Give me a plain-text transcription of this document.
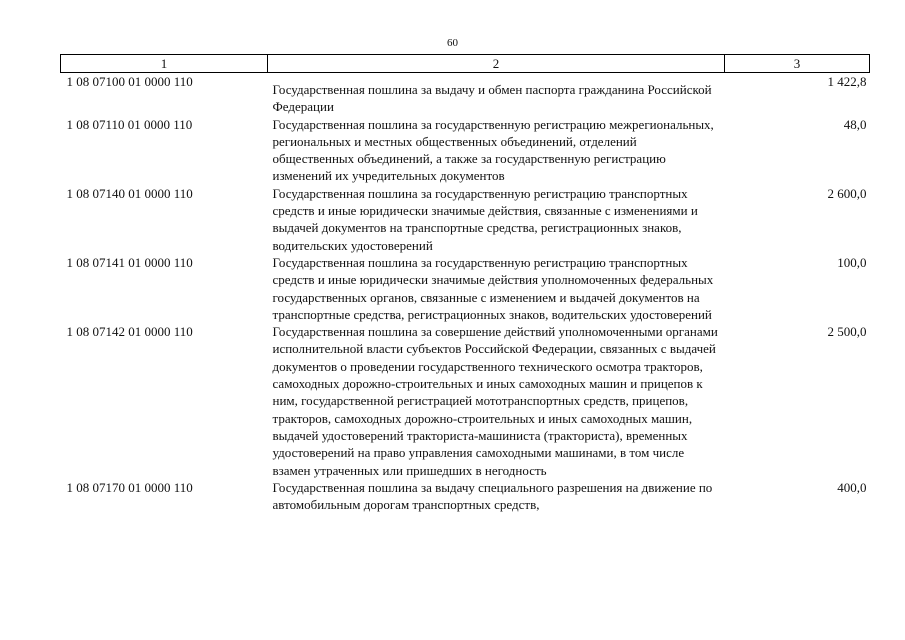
60
1	2	3
1 08 07100 01 0000 110	Государственная пошлина за выдачу и обмен паспорта гражданина Российской Федерации	1 422,8
1 08 07110 01 0000 110	Государственная пошлина за государственную регистрацию межрегиональных, региональных и местных общественных объединений, отделений общественных объединений, а также за государственную регистрацию изменений их учредительных документов	48,0
1 08 07140 01 0000 110	Государственная пошлина за государственную регистрацию транспортных средств и иные юридически значимые действия, связанные с изменениями и выдачей документов на транспортные средства, регистрационных знаков, водительских удостоверений	2 600,0
1 08 07141 01 0000 110	Государственная пошлина за государственную регистрацию транспортных средств и иные юридически значимые действия уполномоченных федеральных государственных органов, связанные с изменением и выдачей документов на транспортные средства, регистрационных знаков, водительских удостоверений	100,0
1 08 07142 01 0000 110	Государственная пошлина за совершение действий уполномоченными органами исполнительной власти субъектов Российской Федерации, связанных с выдачей документов о проведении государственного технического осмотра тракторов, самоходных дорожно-строительных и иных самоходных машин и прицепов к ним, государственной регистрацией мототранспортных средств, прицепов, тракторов, самоходных дорожно-строительных и иных самоходных машин, выдачей удостоверений тракториста-машиниста (тракториста), временных удостоверений на право управления самоходными машинами, в том числе взамен утраченных или пришедших в негодность	2 500,0
1 08 07170 01 0000 110	Государственная пошлина за выдачу специального разрешения на движение по автомобильным дорогам транспортных средств,	400,0
